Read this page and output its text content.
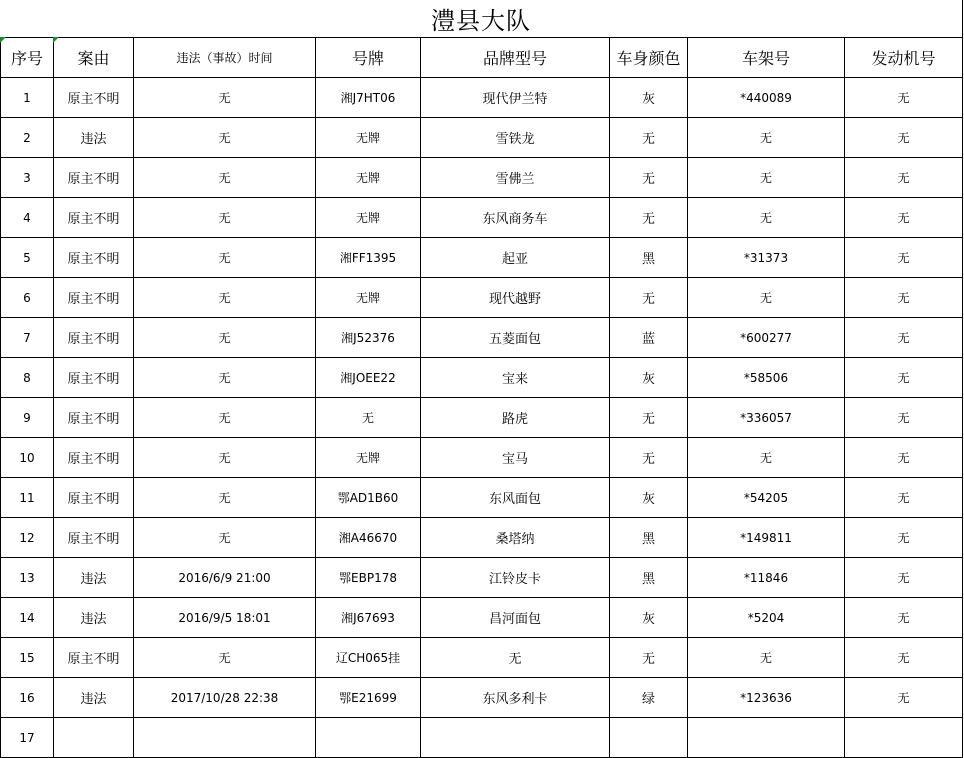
澧县大队
序号	案由	违法（事故）时间	号牌	品牌型号	车身颜色	车架号	发动机号
1	原主不明	无	湘J7HT06	现代伊兰特	灰	*440089	无
2	违法	无	无牌	雪铁龙	无	无	无
3	原主不明	无	无牌	雪佛兰	无	无	无
4	原主不明	无	无牌	东风商务车	无	无	无
5	原主不明	无	湘FF1395	起亚	黑	*31373	无
6	原主不明	无	无牌	现代越野	无	无	无
7	原主不明	无	湘J52376	五菱面包	蓝	*600277	无
8	原主不明	无	湘JOEE22	宝来	灰	*58506	无
9	原主不明	无	无	路虎	无	*336057	无
10	原主不明	无	无牌	宝马	无	无	无
11	原主不明	无	鄂AD1B60	东风面包	灰	*54205	无
12	原主不明	无	湘A46670	桑塔纳	黑	*149811	无
13	违法	2016/6/9 21:00	鄂EBP178	江铃皮卡	黑	*11846	无
14	违法	2016/9/5 18:01	湘J67693	昌河面包	灰	*5204	无
15	原主不明	无	辽CH065挂	无	无	无	无
16	违法	2017/10/28 22:38	鄂E21699	东风多利卡	绿	*123636	无
17							
